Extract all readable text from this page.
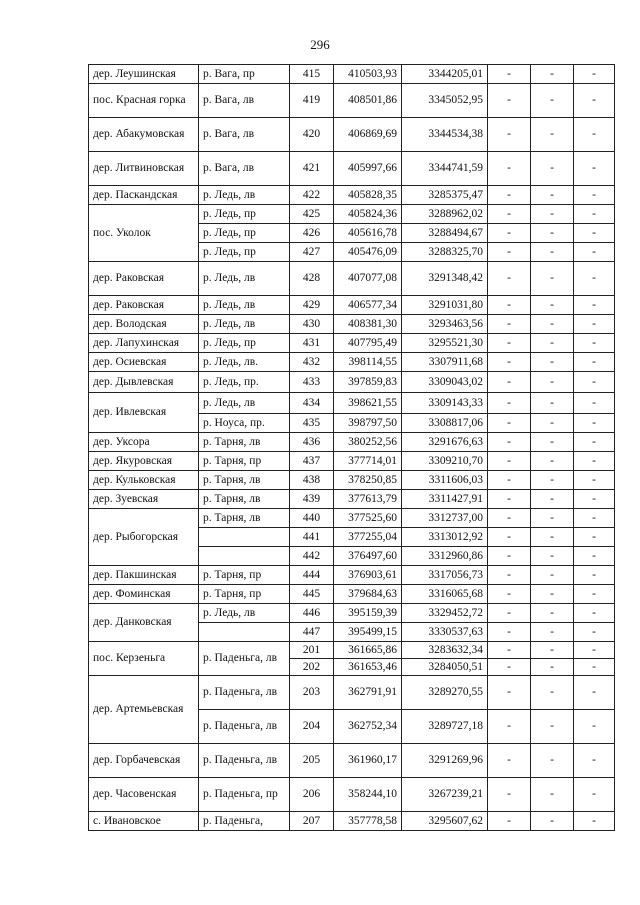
296
дер. Леушинская	р. Вага, пр	415	410503,93	3344205,01	-	-	-
пос. Красная горка	р. Вага, лв	419	408501,86	3345052,95	-	-	-
дер. Абакумовская	р. Вага, лв	420	406869,69	3344534,38	-	-	-
дер. Литвиновская	р. Вага, лв	421	405997,66	3344741,59	-	-	-
дер. Паскандская	р. Ледь, лв	422	405828,35	3285375,47	-	-	-
пос. Уколок	р. Ледь, пр	425	405824,36	3288962,02	-	-	-
	р. Ледь, пр	426	405616,78	3288494,67	-	-	-
	р. Ледь, пр	427	405476,09	3288325,70	-	-	-
дер. Раковская	р. Ледь, лв	428	407077,08	3291348,42	-	-	-
дер. Раковская	р. Ледь, лв	429	406577,34	3291031,80	-	-	-
дер. Володская	р. Ледь, лв	430	408381,30	3293463,56	-	-	-
дер. Лапухинская	р. Ледь, пр	431	407795,49	3295521,30	-	-	-
дер. Осиевская	р. Ледь, лв.	432	398114,55	3307911,68	-	-	-
дер. Дывлевская	р. Ледь, пр.	433	397859,83	3309043,02	-	-	-
дер. Ивлевская	р. Ледь, лв	434	398621,55	3309143,33	-	-	-
	р. Ноуса, пр.	435	398797,50	3308817,06	-	-	-
дер. Уксора	р. Тарня, лв	436	380252,56	3291676,63	-	-	-
дер. Якуровская	р. Тарня, пр	437	377714,01	3309210,70	-	-	-
дер. Кульковская	р. Тарня, лв	438	378250,85	3311606,03	-	-	-
дер. Зуевская	р. Тарня, лв	439	377613,79	3311427,91	-	-	-
дер. Рыбогорская	р. Тарня, лв	440	377525,60	3312737,00	-	-	-
		441	377255,04	3313012,92	-	-	-
		442	376497,60	3312960,86	-	-	-
дер. Пакшинская	р. Тарня, пр	444	376903,61	3317056,73	-	-	-
дер. Фоминская	р. Тарня, пр	445	379684,63	3316065,68	-	-	-
дер. Данковская	р. Ледь, лв	446	395159,39	3329452,72	-	-	-
		447	395499,15	3330537,63	-	-	-
пос. Керзеньга	р. Паденьга, лв	201	361665,86	3283632,34	-	-	-
		202	361653,46	3284050,51	-	-	-
дер. Артемьевская	р. Паденьга, лв	203	362791,91	3289270,55	-	-	-
	р. Паденьга, лв	204	362752,34	3289727,18	-	-	-
дер. Горбачевская	р. Паденьга, лв	205	361960,17	3291269,96	-	-	-
дер. Часовенская	р. Паденьга, пр	206	358244,10	3267239,21	-	-	-
с. Ивановское	р. Паденьга,	207	357778,58	3295607,62	-	-	-
